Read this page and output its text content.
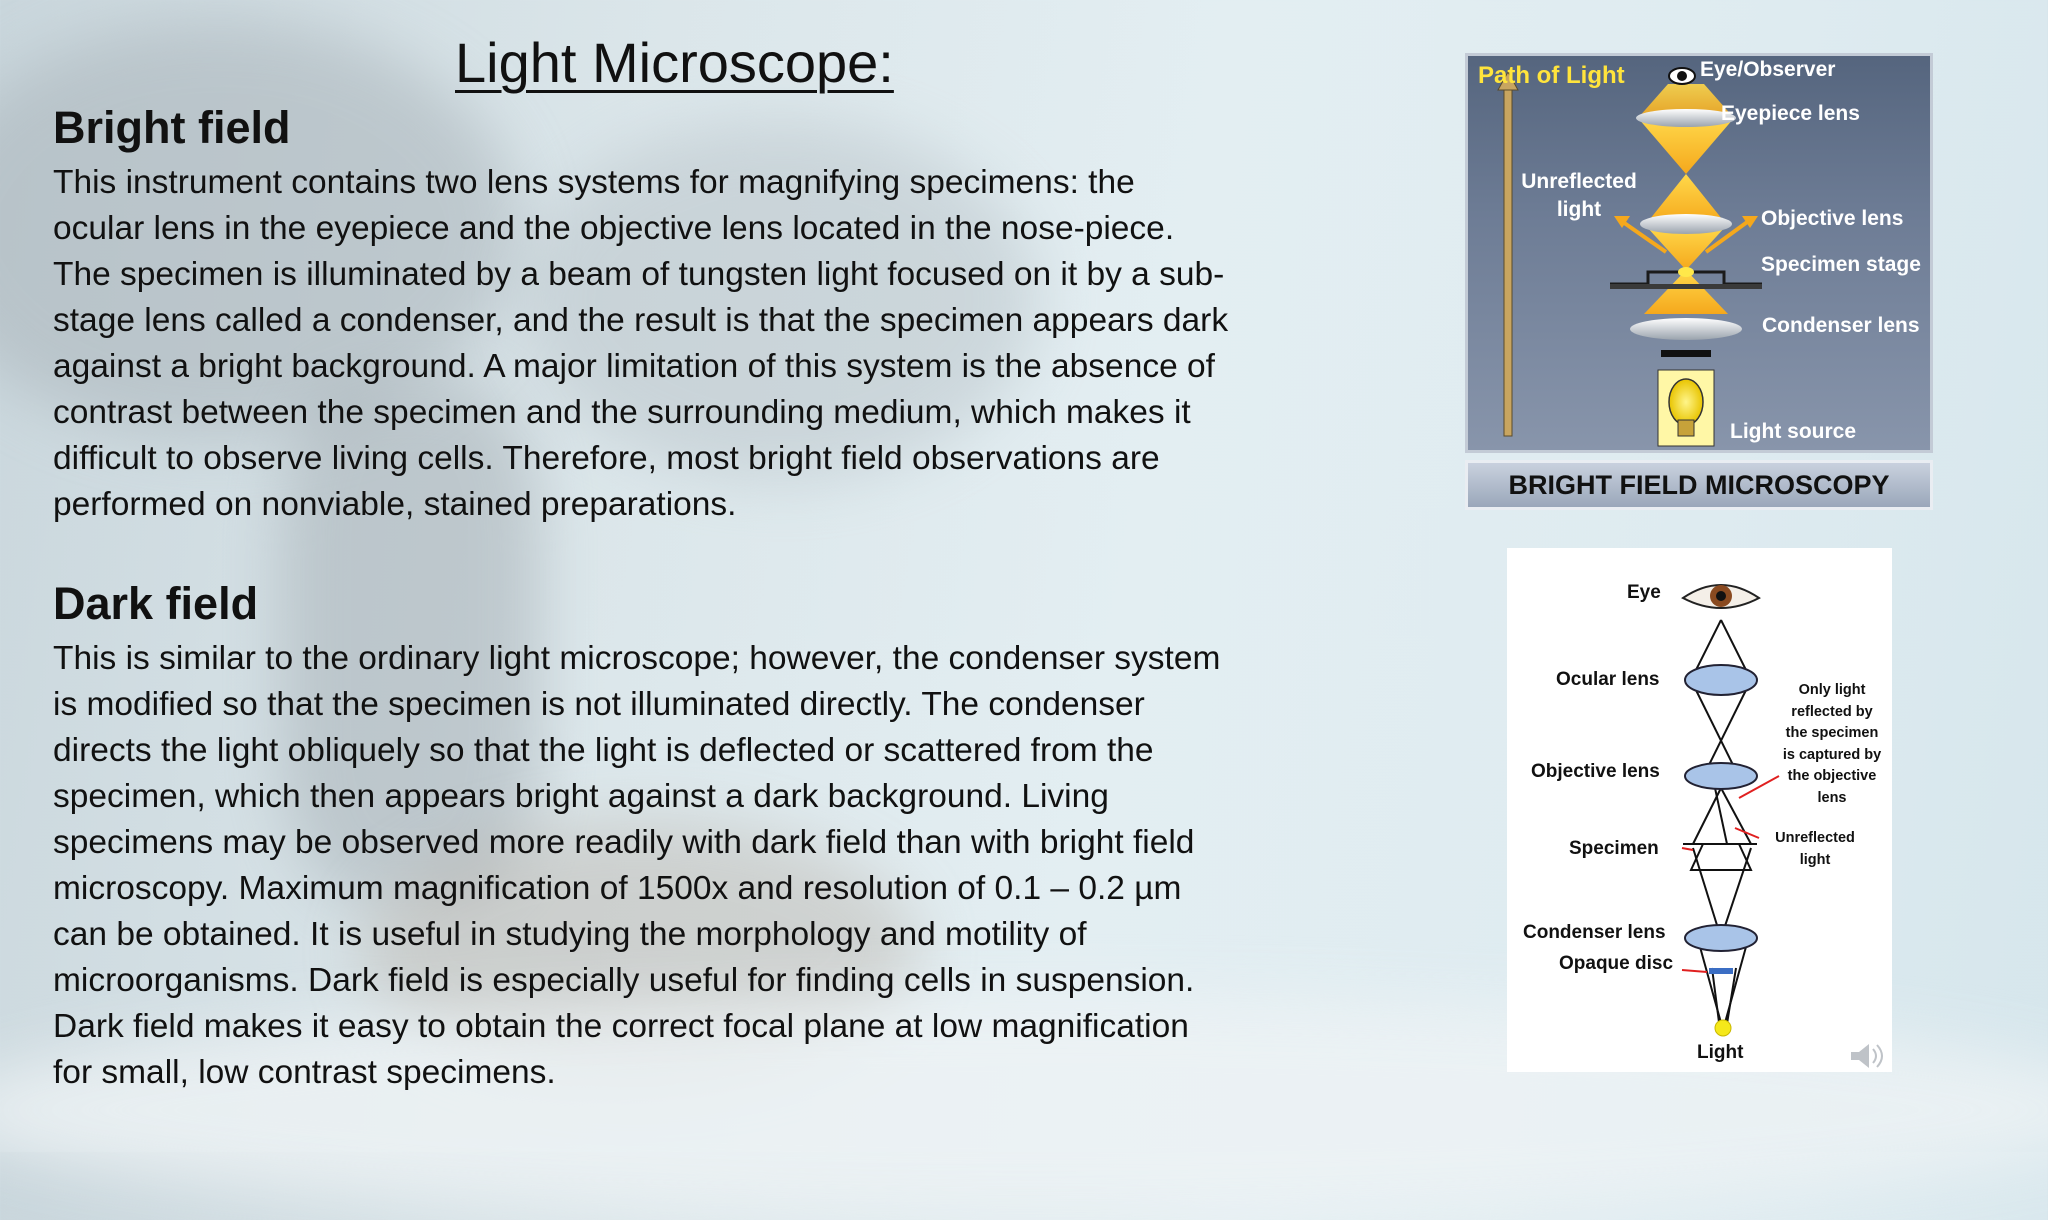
Light Microscope:
Bright field
This instrument contains two lens systems for magnifying specimens: the
ocular lens in the eyepiece and the objective lens located in the nose-piece.
The specimen is illuminated by a beam of tungsten light focused on it by a sub-
stage lens called a condenser, and the result is that the specimen appears dark
against a bright background. A major limitation of this system is the absence of
contrast between the specimen and the surrounding medium, which makes it
difficult to observe living cells. Therefore, most bright field observations are
performed on nonviable, stained preparations.
Dark field
This is similar to the ordinary light microscope; however, the condenser system
is modified so that the specimen is not illuminated directly. The condenser
directs the light obliquely so that the light is deflected or scattered from the
specimen, which then appears bright against a dark background. Living
specimens may be observed more readily with dark field than with bright field
microscopy. Maximum magnification of 1500x and resolution of 0.1 – 0.2 µm
can be obtained. It is useful in studying the morphology and motility of
microorganisms. Dark field is especially useful for finding cells in suspension.
Dark field makes it easy to obtain the correct focal plane at low magnification
for small, low contrast specimens.
Path of Light	Eye/Observer
Eyepiece lens
Unreflected
light	Objective lens
Specimen stage
Condenser lens
Light source
BRIGHT FIELD MICROSCOPY
Eye
Ocular lens
Objective lens
Specimen
Condenser lens
Opaque disc
Light
Only light
reflected by
the specimen
is captured by
the objective
lens
Unreflected
light
